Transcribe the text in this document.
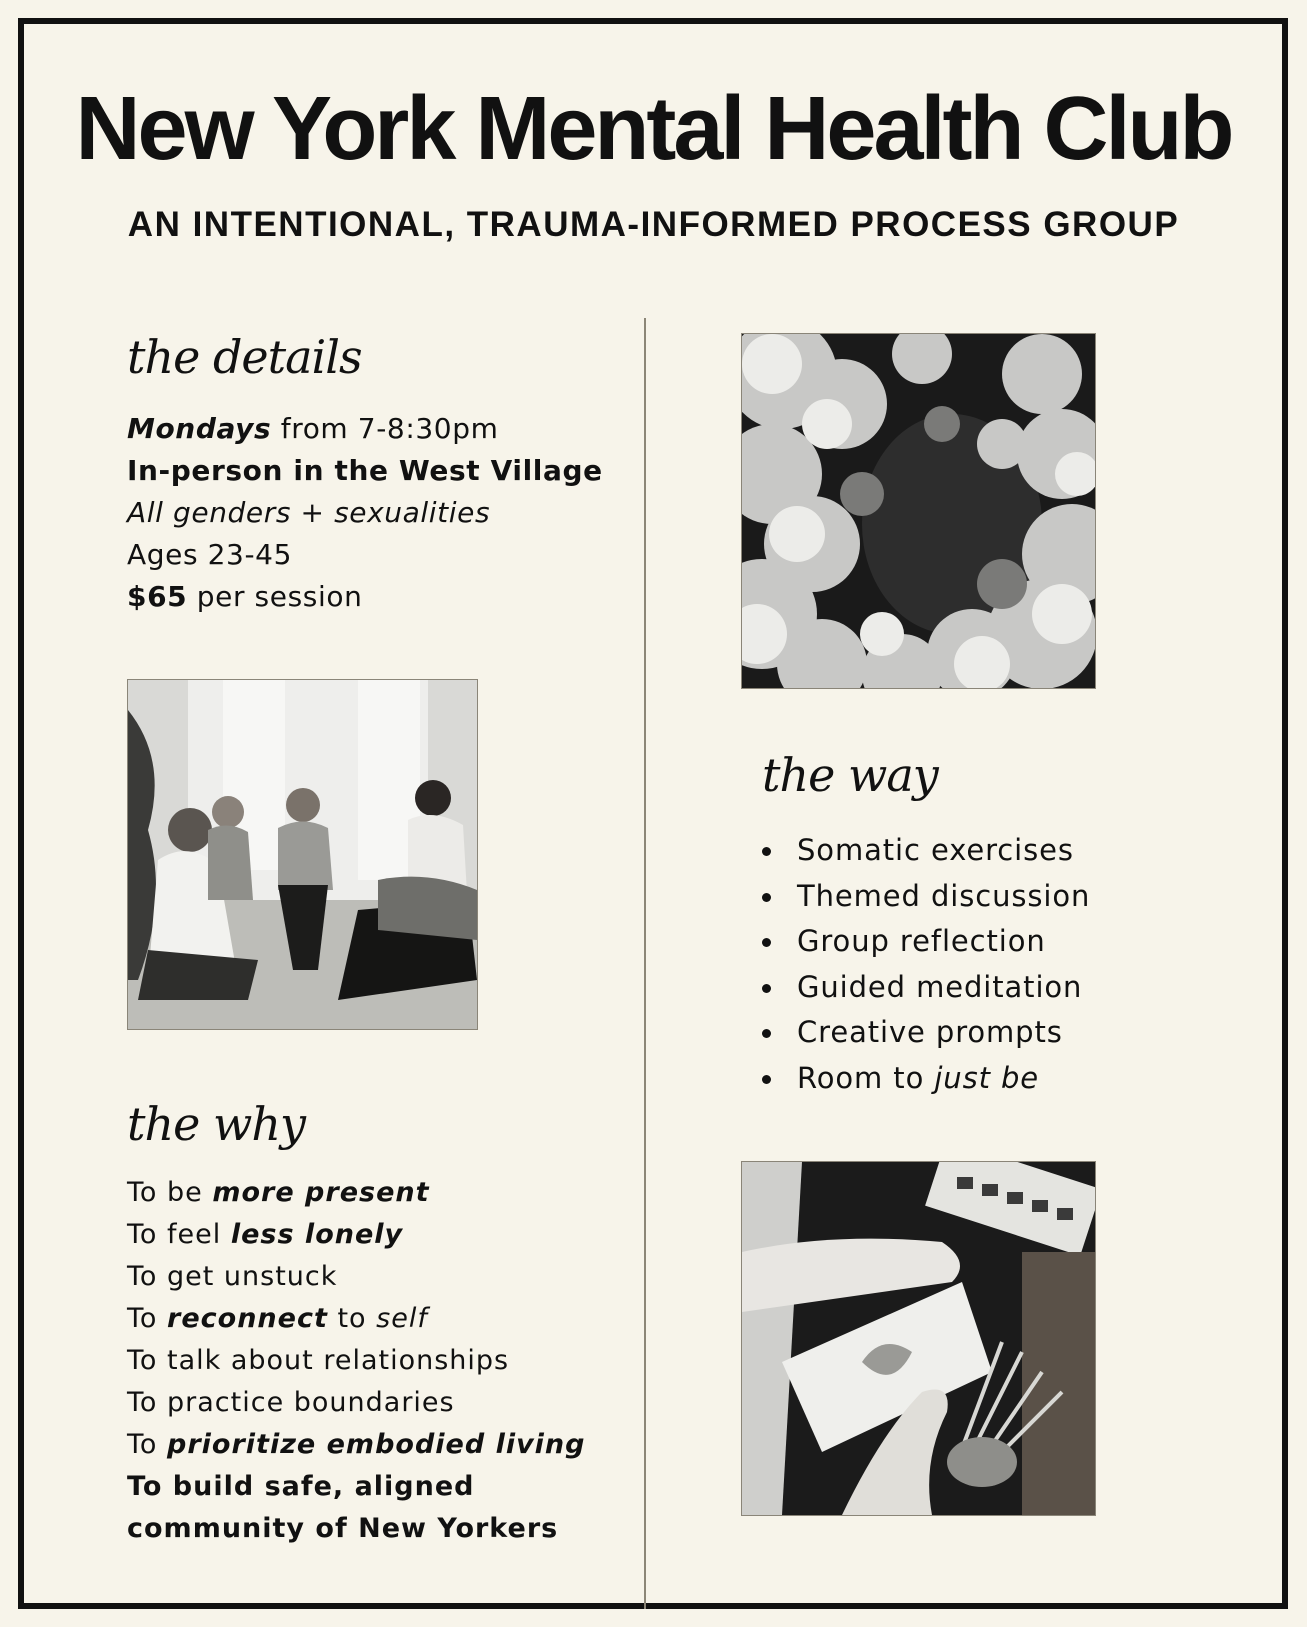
New York Mental Health Club
AN INTENTIONAL, TRAUMA-INFORMED PROCESS GROUP
the details
Mondays from 7-8:30pm
In-person in the West Village
All genders + sexualities
Ages 23-45
$65 per session
the why
To be more present
To feel less lonely
To get unstuck
To reconnect to self
To talk about relationships
To practice boundaries
To prioritize embodied living
To build safe, aligned
community of New Yorkers
the way
Somatic exercises
Themed discussion
Group reflection
Guided meditation
Creative prompts
Room to just be
